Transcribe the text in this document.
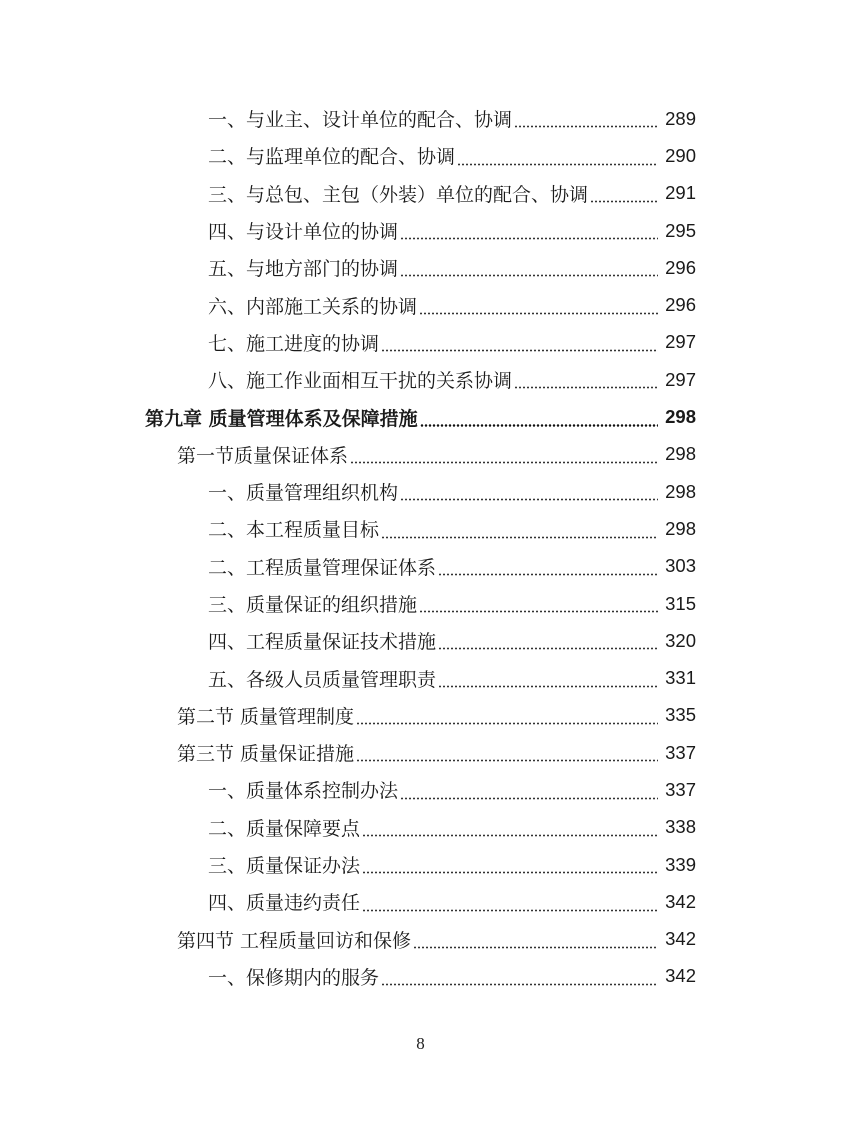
一、与业主、设计单位的配合、协调	289
二、与监理单位的配合、协调	290
三、与总包、主包（外装）单位的配合、协调	291
四、与设计单位的协调	295
五、与地方部门的协调	296
六、内部施工关系的协调	296
七、施工进度的协调	297
八、施工作业面相互干扰的关系协调	297
第九章 质量管理体系及保障措施	298
第一节质量保证体系	298
一、质量管理组织机构	298
二、本工程质量目标	298
二、工程质量管理保证体系	303
三、质量保证的组织措施	315
四、工程质量保证技术措施	320
五、各级人员质量管理职责	331
第二节 质量管理制度	335
第三节 质量保证措施	337
一、质量体系控制办法	337
二、质量保障要点	338
三、质量保证办法	339
四、质量违约责任	342
第四节 工程质量回访和保修	342
一、保修期内的服务	342
8
